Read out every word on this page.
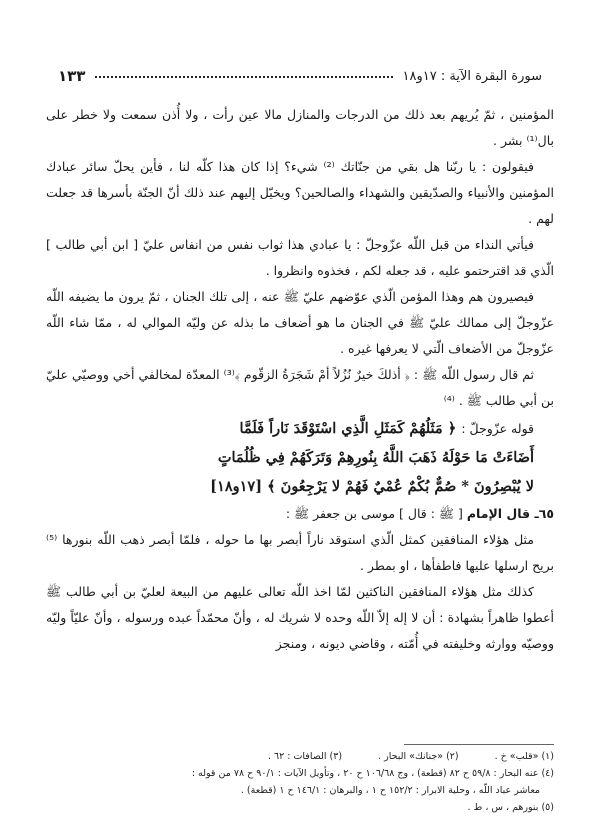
سورة البقرة الآية : ١٧و١٨
١٣٣

المؤمنين ، ثمّ يُريهم بعد ذلك من الدرجات والمنازل مالا عين رأت ، ولا أُذن سمعت ولا خطر على بال⁽¹⁾ بشر .

فيقولون : يا ربّنا هل بقي من جنّاتك ⁽²⁾ شيء؟ إذا كان هذا كلّه لنا ، فأين يحلّ سائر عبادك المؤمنين والأنبياء والصدّيقين والشهداء والصالحين؟ ويخيّل إليهم عند ذلك أنّ الجنّة بأسرها قد جعلت لهم .

فيأتي النداء من قبل اللّه عزّوجلّ : يا عبادي هذا ثواب نفس من انفاس عليّ [ ابن أبي طالب ] الّذي قد اقترحتمو عليه ، قد جعله لكم ، فخذوه وانظروا .

فيصيرون هم وهذا المؤمن الّذي عوّضهم عليّ ﷺ عنه ، إلى تلك الجنان ، ثمّ يرون ما يضيفه اللّه عزّوجلّ إلى ممالك عليّ ﷺ في الجنان ما هو أضعاف ما بذله عن وليّه الموالي له ، ممّا شاء اللّه عزّوجلّ من الأضعاف الّتي لا يعرفها غيره .

ثم قال رسول اللّه ﷺ : ﴿ أذلكَ خيرٌ نُزُلاً أمْ شَجَرَةُ الزقّوم ﴾⁽³⁾ المعدّة لمخالفي أخي ووصيّي عليّ بن أبي طالب ﷺ . ⁽⁴⁾

قوله عزّوجلّ : ﴿ مَثَلُهُمْ كَمَثَلِ الَّذِي اسْتَوْقَدَ نَاراً فَلَمَّا
أَضَاءَتْ مَا حَوْلَهُ ذَهَبَ اللَّهُ بِنُورِهِمْ وَتَرَكَهُمْ فِي ظُلُمَاتٍ
لا يُبْصِرُونَ * صُمٌّ بُكْمٌ عُمْيٌ فَهُمْ لا يَرْجِعُونَ ﴾ [١٧و١٨]

٦٥ـ قال الإمام [ ﷺ : قال ] موسى بن جعفر ﷺ :

مثل هؤلاء المنافقين كمثل الّذي استوقد ناراً أبصر بها ما حوله ، فلمّا أبصر ذهب اللّه بنورها ⁽⁵⁾ بريح ارسلها عليها فاطفأها ، او بمطر .

كذلك مثل هؤلاء المنافقين الناكثين لمّا اخذ اللّه تعالى عليهم من البيعة لعليّ بن أبي طالب ﷺ أعطوا ظاهراً بشهادة : أن لا إله إلاّ اللّه وحده لا شريك له ، وأنّ محمّداً عبده ورسوله ، وأنّ عليّاً وليّه ووصيّه ووارثه وخليفته في أُمّته ، وقاضي ديونه ، ومنجز

(١) «قلب» خ .
(٢) «جنانك» البحار .
(٣) الصافات : ٦٢ .
(٤) عنه البحار : ٥٩/٨ ح ٨٢ (قطعة) ، وج ١٠٦/٦٨ ح ٢٠ ، وتأويل الآيات : ٩٠/١ ح ٧٨ من قوله :
معاشر عباد اللّه ، وحلية الابرار : ١٥٢/٢ ح ١ ، والبرهان : ١٤٦/١ ح ١ (قطعة) .
(٥) بنورهم ، س ، ط .
